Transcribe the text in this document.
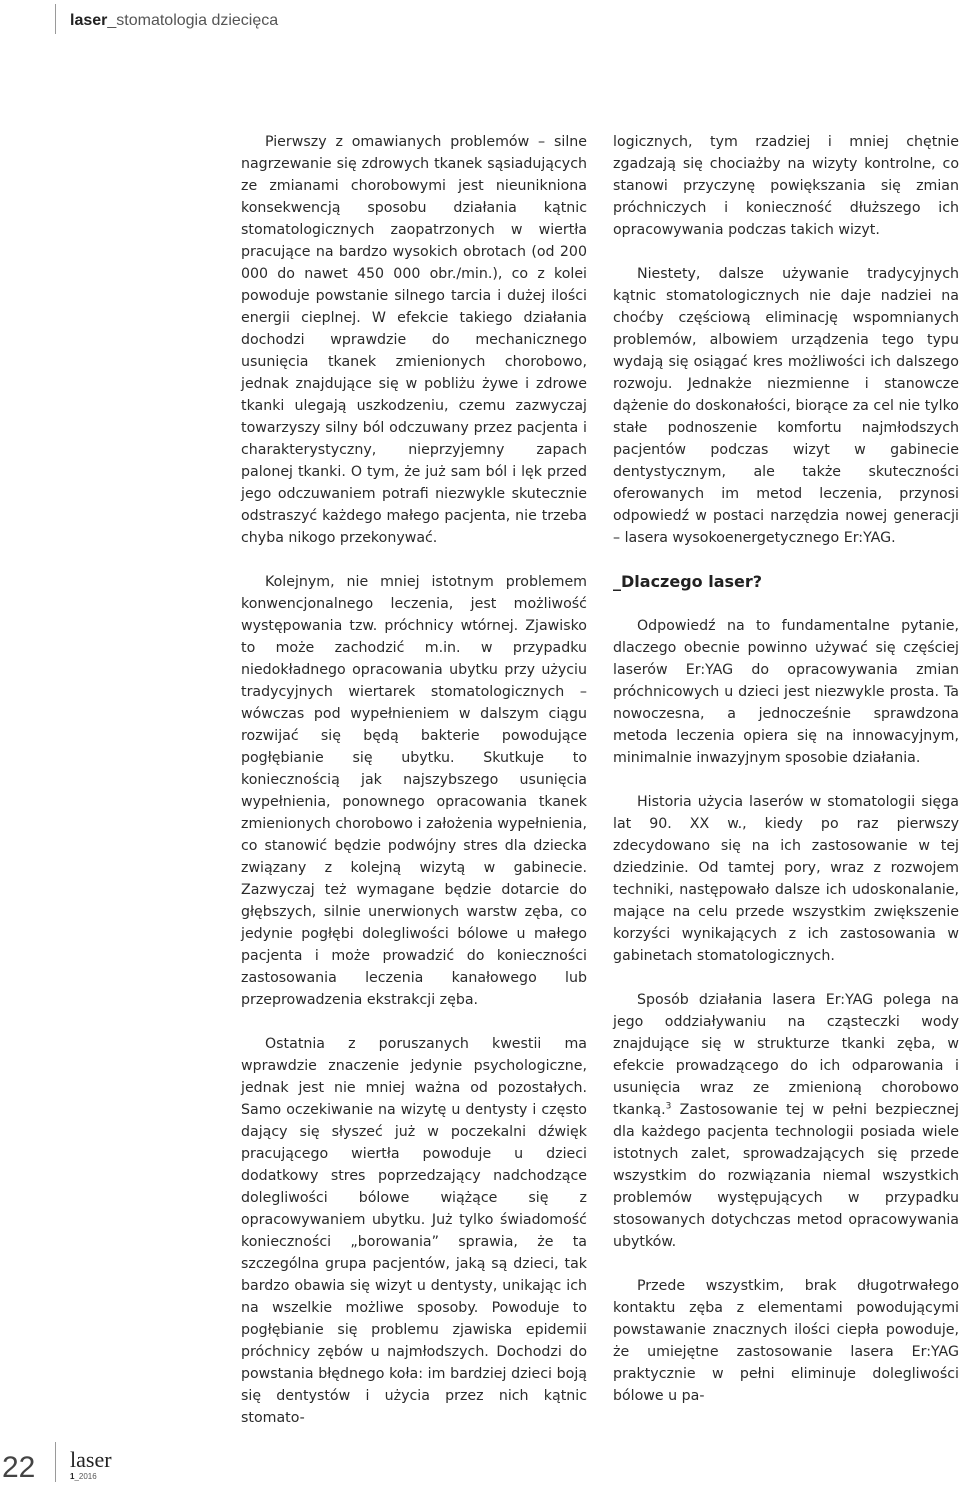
laser_stomatologia dziecięca

Pierwszy z omawianych problemów – silne nagrzewanie się zdrowych tkanek sąsiadujących ze zmianami chorobowymi jest nieunikniona konsekwencją sposobu działania kątnic stomatologicznych zaopatrzonych w wiertła pracujące na bardzo wysokich obrotach (od 200 000 do nawet 450 000 obr./min.), co z kolei powoduje powstanie silnego tarcia i dużej ilości energii cieplnej. W efekcie takiego działania dochodzi wprawdzie do mechanicznego usunięcia tkanek zmienionych chorobowo, jednak znajdujące się w pobliżu żywe i zdrowe tkanki ulegają uszkodzeniu, czemu zazwyczaj towarzyszy silny ból odczuwany przez pacjenta i charakterystyczny, nieprzyjemny zapach palonej tkanki. O tym, że już sam ból i lęk przed jego odczuwaniem potrafi niezwykle skutecznie odstraszyć każdego małego pacjenta, nie trzeba chyba nikogo przekonywać.

Kolejnym, nie mniej istotnym problemem konwencjonalnego leczenia, jest możliwość występowania tzw. próchnicy wtórnej. Zjawisko to może zachodzić m.in. w przypadku niedokładnego opracowania ubytku przy użyciu tradycyjnych wiertarek stomatologicznych – wówczas pod wypełnieniem w dalszym ciągu rozwijać się będą bakterie powodujące pogłębianie się ubytku. Skutkuje to koniecznością jak najszybszego usunięcia wypełnienia, ponownego opracowania tkanek zmienionych chorobowo i założenia wypełnienia, co stanowić będzie podwójny stres dla dziecka związany z kolejną wizytą w gabinecie. Zazwyczaj też wymagane będzie dotarcie do głębszych, silnie unerwionych warstw zęba, co jedynie pogłębi dolegliwości bólowe u małego pacjenta i może prowadzić do konieczności zastosowania leczenia kanałowego lub przeprowadzenia ekstrakcji zęba.

Ostatnia z poruszanych kwestii ma wprawdzie znaczenie jedynie psychologiczne, jednak jest nie mniej ważna od pozostałych. Samo oczekiwanie na wizytę u dentysty i często dający się słyszeć już w poczekalni dźwięk pracującego wiertła powoduje u dzieci dodatkowy stres poprzedzający nadchodzące dolegliwości bólowe wiążące się z opracowywaniem ubytku. Już tylko świadomość konieczności „borowania” sprawia, że ta szczególna grupa pacjentów, jaką są dzieci, tak bardzo obawia się wizyt u dentysty, unikając ich na wszelkie możliwe sposoby. Powoduje to pogłębianie się problemu zjawiska epidemii próchnicy zębów u najmłodszych. Dochodzi do powstania błędnego koła: im bardziej dzieci boją się dentystów i użycia przez nich kątnic stomato-

logicznych, tym rzadziej i mniej chętnie zgadzają się chociażby na wizyty kontrolne, co stanowi przyczynę powiększania się zmian próchniczych i konieczność dłuższego ich opracowywania podczas takich wizyt.

Niestety, dalsze używanie tradycyjnych kątnic stomatologicznych nie daje nadziei na choćby częściową eliminację wspomnianych problemów, albowiem urządzenia tego typu wydają się osiągać kres możliwości ich dalszego rozwoju. Jednakże niezmienne i stanowcze dążenie do doskonałości, biorące za cel nie tylko stałe podnoszenie komfortu najmłodszych pacjentów podczas wizyt w gabinecie dentystycznym, ale także skuteczności oferowanych im metod leczenia, przynosi odpowiedź w postaci narzędzia nowej generacji – lasera wysokoenergetycznego Er:YAG.

_Dlaczego laser?

Odpowiedź na to fundamentalne pytanie, dlaczego obecnie powinno używać się częściej laserów Er:YAG do opracowywania zmian próchnicowych u dzieci jest niezwykle prosta. Ta nowoczesna, a jednocześnie sprawdzona metoda leczenia opiera się na innowacyjnym, minimalnie inwazyjnym sposobie działania.

Historia użycia laserów w stomatologii sięga lat 90. XX w., kiedy po raz pierwszy zdecydowano się na ich zastosowanie w tej dziedzinie. Od tamtej pory, wraz z rozwojem techniki, następowało dalsze ich udoskonalanie, mające na celu przede wszystkim zwiększenie korzyści wynikających z ich zastosowania w gabinetach stomatologicznych.

Sposób działania lasera Er:YAG polega na jego oddziaływaniu na cząsteczki wody znajdujące się w strukturze tkanki zęba, w efekcie prowadzącego do ich odparowania i usunięcia wraz ze zmienioną chorobowo tkanką.$^3$ Zastosowanie tej w pełni bezpiecznej dla każdego pacjenta technologii posiada wiele istotnych zalet, sprowadzających się przede wszystkim do rozwiązania niemal wszystkich problemów występujących w przypadku stosowanych dotychczas metod opracowywania ubytków.

Przede wszystkim, brak długotrwałego kontaktu zęba z elementami powodującymi powstawanie znacznych ilości ciepła powoduje, że umiejętne zastosowanie lasera Er:YAG praktycznie w pełni eliminuje dolegliwości bólowe u pa-

22 laser
1_2016
